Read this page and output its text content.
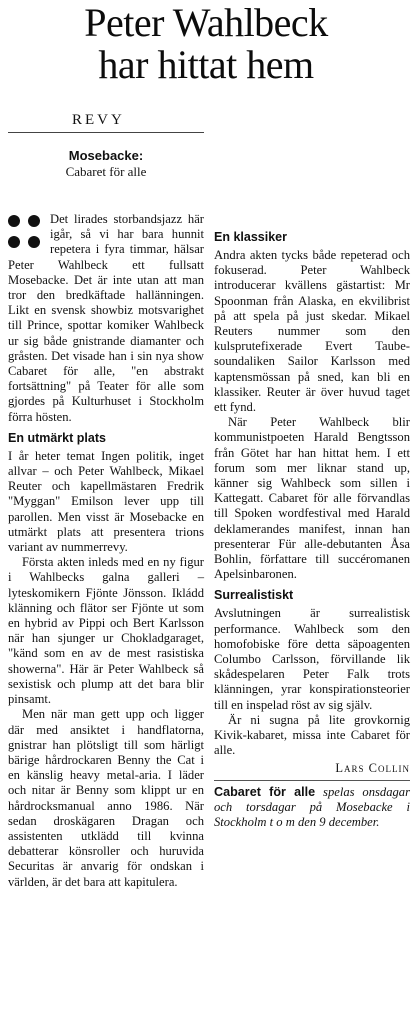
Peter Wahlbeck
har hittat hem
REVY
Mosebacke:
Cabaret för alle

Det lirades storbandsjazz här igår, så vi har bara hunnit repetera i fyra timmar, hälsar Peter Wahlbeck ett fullsatt Mosebacke. Det är inte utan att man tror den bredkäftade hallänningen. Likt en svensk showbiz motsvarighet till Prince, spottar komiker Wahlbeck ur sig både gnistrande diamanter och gråsten. Det visade han i sin nya show Cabaret för alle, "en abstrakt fortsättning" på Teater för alle som gjordes på Kulturhuset i Stockholm förra hösten.

En utmärkt plats

I år heter temat Ingen politik, inget allvar – och Peter Wahlbeck, Mikael Reuter och kapellmästaren Fredrik "Myggan" Emilson lever upp till parollen. Men visst är Mosebacke en utmärkt plats att presentera trions variant av nummerrevy.

Första akten inleds med en ny figur i Wahlbecks galna galleri – lyteskomikern Fjönte Jönsson. Ikládd klänning och flätor ser Fjönte ut som en hybrid av Pippi och Bert Karlsson när han sjunger ur Chokladgaraget, "känd som en av de mest rasistiska showerna". Här är Peter Wahlbeck så sexistisk och plump att det bara blir pinsamt.

Men när man gett upp och ligger där med ansiktet i handflatorna, gnistrar han plötsligt till som härligt bärige hårdrockaren Benny the Cat i en känslig heavy metal-aria. I läder och nitar är Benny som klippt ur en hårdrocksmanual anno 1986. När sedan droskägaren Dragan och assistenten utklädd till kvinna debatterar könsroller och huruvida Securitas är anvarig för ondskan i världen, är det bara att kapitulera.

En klassiker

Andra akten tycks både repeterad och fokuserad. Peter Wahlbeck introducerar kvällens gästartist: Mr Spoonman från Alaska, en ekvilibrist på att spela på just skedar. Mikael Reuters nummer som den kulsprutefixerade Evert Taube-soundaliken Sailor Karlsson med kaptensmössan på sned, kan bli en klassiker. Reuter är över huvud taget ett fynd.

När Peter Wahlbeck blir kommunistpoeten Harald Bengtsson från Götet har han hittat hem. I ett forum som mer liknar stand up, känner sig Wahlbeck som sillen i Kattegatt. Cabaret för alle förvandlas till Spoken wordfestival med Harald deklamerandes manifest, innan han presenterar Für alle-debutanten Åsa Bohlin, författare till succéromanen Apelsinbaronen.

Surrealistiskt

Avslutningen är surrealistisk performance. Wahlbeck som den homofobiske före detta säpoagenten Columbo Carlsson, förvillande lik skådespelaren Peter Falk trots klänningen, yrar konspirationsteorier till en inspelad röst av sig själv.

Är ni sugna på lite grovkornig Kivik-kabaret, missa inte Cabaret för alle.

Lars Collin
Cabaret för alle spelas onsdagar och torsdagar på Mosebacke i Stockholm t o m den 9 december.
